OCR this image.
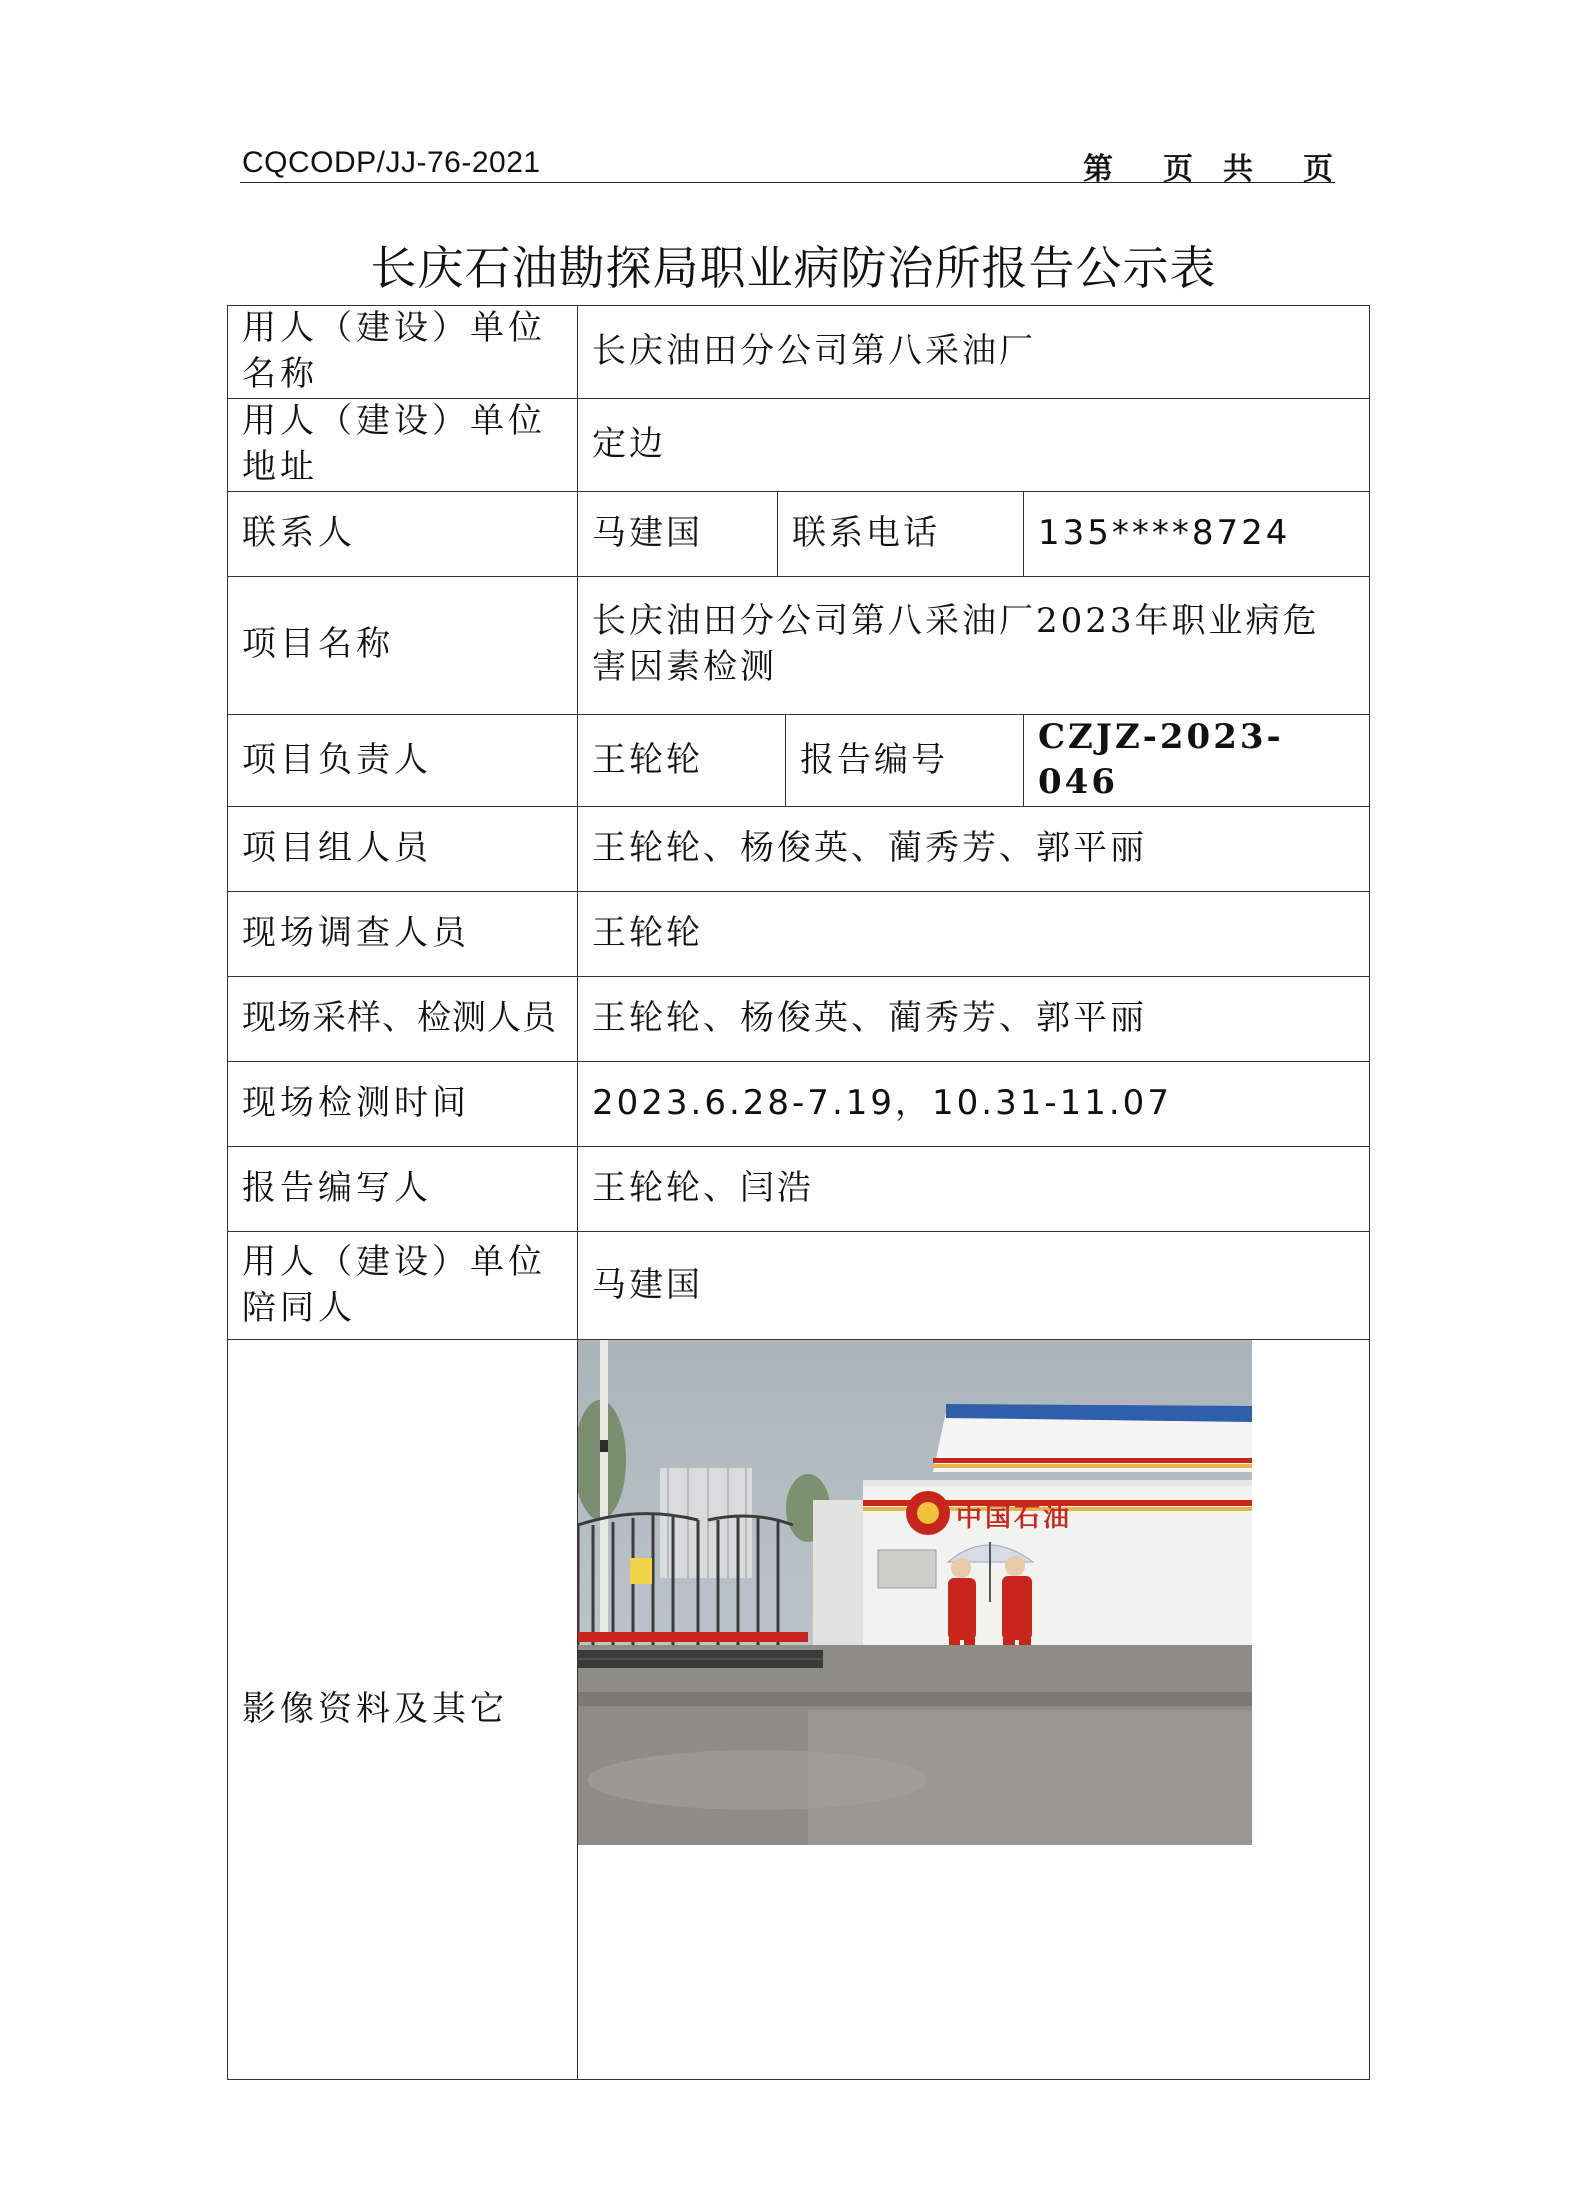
CQCODP/JJ-76-2021	第 页 共 页
长庆石油勘探局职业病防治所报告公示表
用人（建设）单位名称	长庆油田分公司第八采油厂			
用人（建设）单位地址	定边			
联系人	马建国	联系电话		135****8724
项目名称	长庆油田分公司第八采油厂2023年职业病危害因素检测			
项目负责人	王轮轮		报告编号	CZJZ-2023-046
项目组人员	王轮轮、杨俊英、蔺秀芳、郭平丽			
现场调查人员	王轮轮			
现场采样、检测人员	王轮轮、杨俊英、蔺秀芳、郭平丽			
现场检测时间	2023.6.28-7.19，10.31-11.07			
报告编写人	王轮轮、闫浩			
用人（建设）单位陪同人	马建国			
影像资料及其它	中国石油			
